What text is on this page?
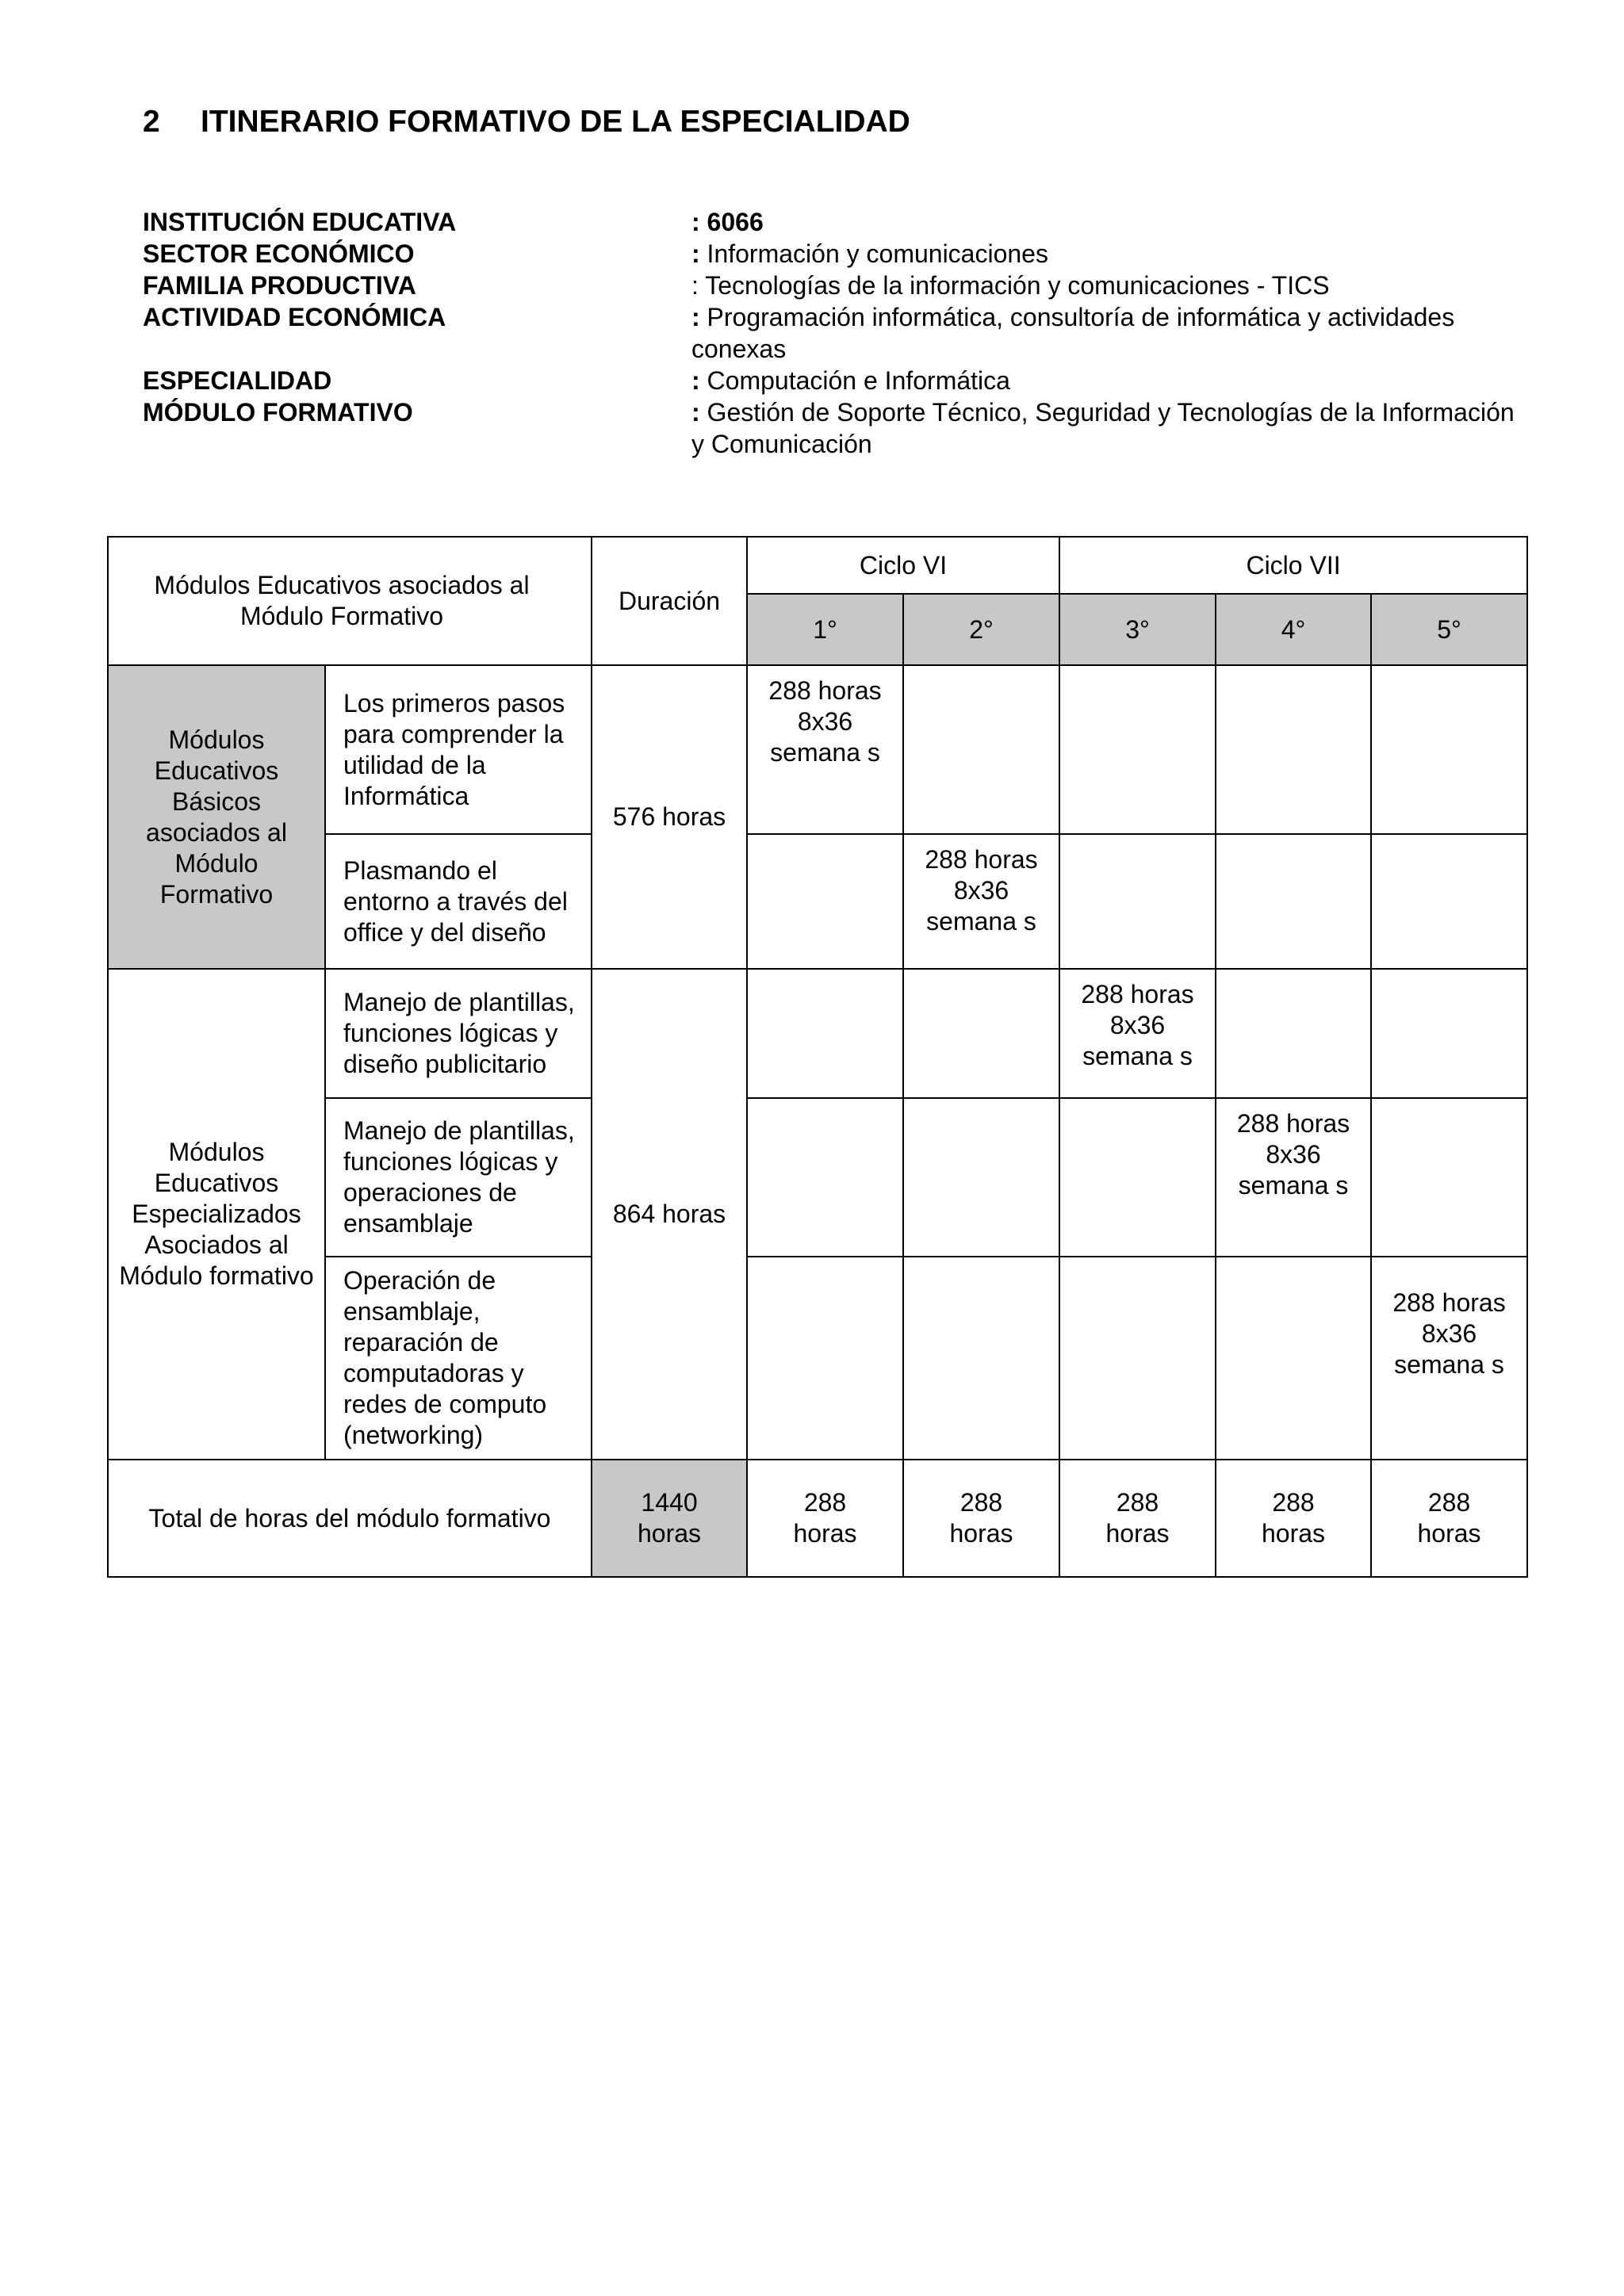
2 ITINERARIO FORMATIVO DE LA ESPECIALIDAD
INSTITUCIÓN EDUCATIVA	: 6066
SECTOR ECONÓMICO	: Información y comunicaciones
FAMILIA PRODUCTIVA	: Tecnologías de la información y comunicaciones - TICS
ACTIVIDAD ECONÓMICA	: Programación informática, consultoría de informática y actividades conexas
ESPECIALIDAD	: Computación e Informática
MÓDULO FORMATIVO	: Gestión de Soporte Técnico, Seguridad y Tecnologías de la Información y Comunicación
Módulos Educativos asociados al Módulo Formativo		Duración	Ciclo VI		Ciclo VII		
			1°	2°	3°	4°	5°
Módulos Educativos Básicos asociados al Módulo Formativo	Los primeros pasos para comprender la utilidad de la Informática	576 horas	288 horas 8x36 semana s				
	Plasmando el entorno a través del office y del diseño			288 horas 8x36 semana s			
Módulos Educativos Especializados Asociados al Módulo formativo	Manejo de plantillas, funciones lógicas y diseño publicitario	864 horas			288 horas 8x36 semana s		
	Manejo de plantillas, funciones lógicas y operaciones de ensamblaje					288 horas 8x36 semana s	
	Operación de ensamblaje, reparación de computadoras y redes de computo (networking)						288 horas 8x36 semana s
Total de horas del módulo formativo		1440 horas	288 horas	288 horas	288 horas	288 horas	288 horas
